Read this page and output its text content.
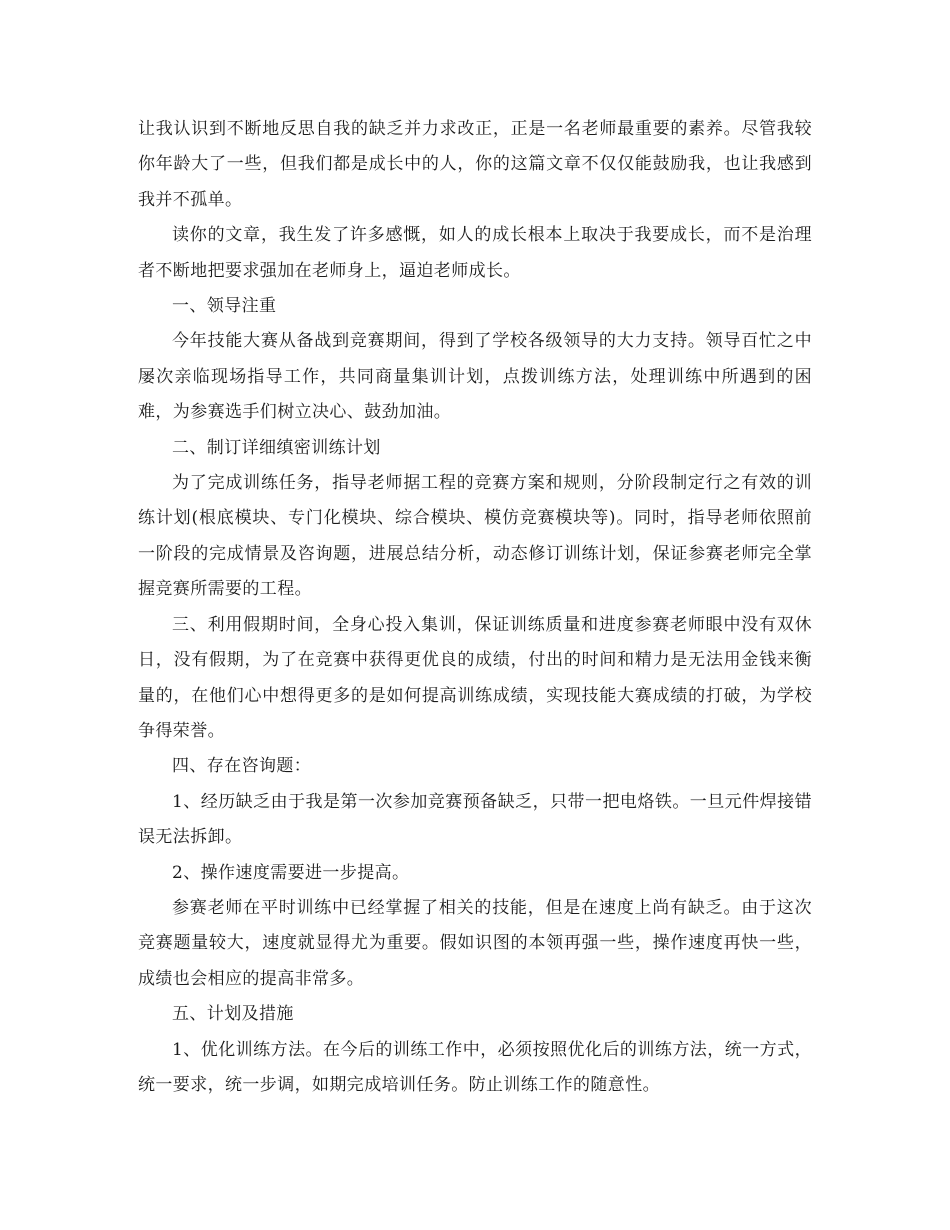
让我认识到不断地反思自我的缺乏并力求改正，正是一名老师最重要的素养。尽管我较你年龄大了一些，但我们都是成长中的人，你的这篇文章不仅仅能鼓励我，也让我感到我并不孤单。

读你的文章，我生发了许多感慨，如人的成长根本上取决于我要成长，而不是治理者不断地把要求强加在老师身上，逼迫老师成长。

一、领导注重

今年技能大赛从备战到竞赛期间，得到了学校各级领导的大力支持。领导百忙之中屡次亲临现场指导工作，共同商量集训计划，点拨训练方法，处理训练中所遇到的困难，为参赛选手们树立决心、鼓劲加油。

二、制订详细缜密训练计划

为了完成训练任务，指导老师据工程的竞赛方案和规则，分阶段制定行之有效的训练计划(根底模块、专门化模块、综合模块、模仿竞赛模块等)。同时，指导老师依照前一阶段的完成情景及咨询题，进展总结分析，动态修订训练计划，保证参赛老师完全掌握竞赛所需要的工程。

三、利用假期时间，全身心投入集训，保证训练质量和进度参赛老师眼中没有双休日，没有假期，为了在竞赛中获得更优良的成绩，付出的时间和精力是无法用金钱来衡量的，在他们心中想得更多的是如何提高训练成绩，实现技能大赛成绩的打破，为学校争得荣誉。

四、存在咨询题：

1、经历缺乏由于我是第一次参加竞赛预备缺乏，只带一把电烙铁。一旦元件焊接错误无法拆卸。

2、操作速度需要进一步提高。

参赛老师在平时训练中已经掌握了相关的技能，但是在速度上尚有缺乏。由于这次竞赛题量较大，速度就显得尤为重要。假如识图的本领再强一些，操作速度再快一些，成绩也会相应的提高非常多。

五、计划及措施

1、优化训练方法。在今后的训练工作中，必须按照优化后的训练方法，统一方式，统一要求，统一步调，如期完成培训任务。防止训练工作的随意性。
